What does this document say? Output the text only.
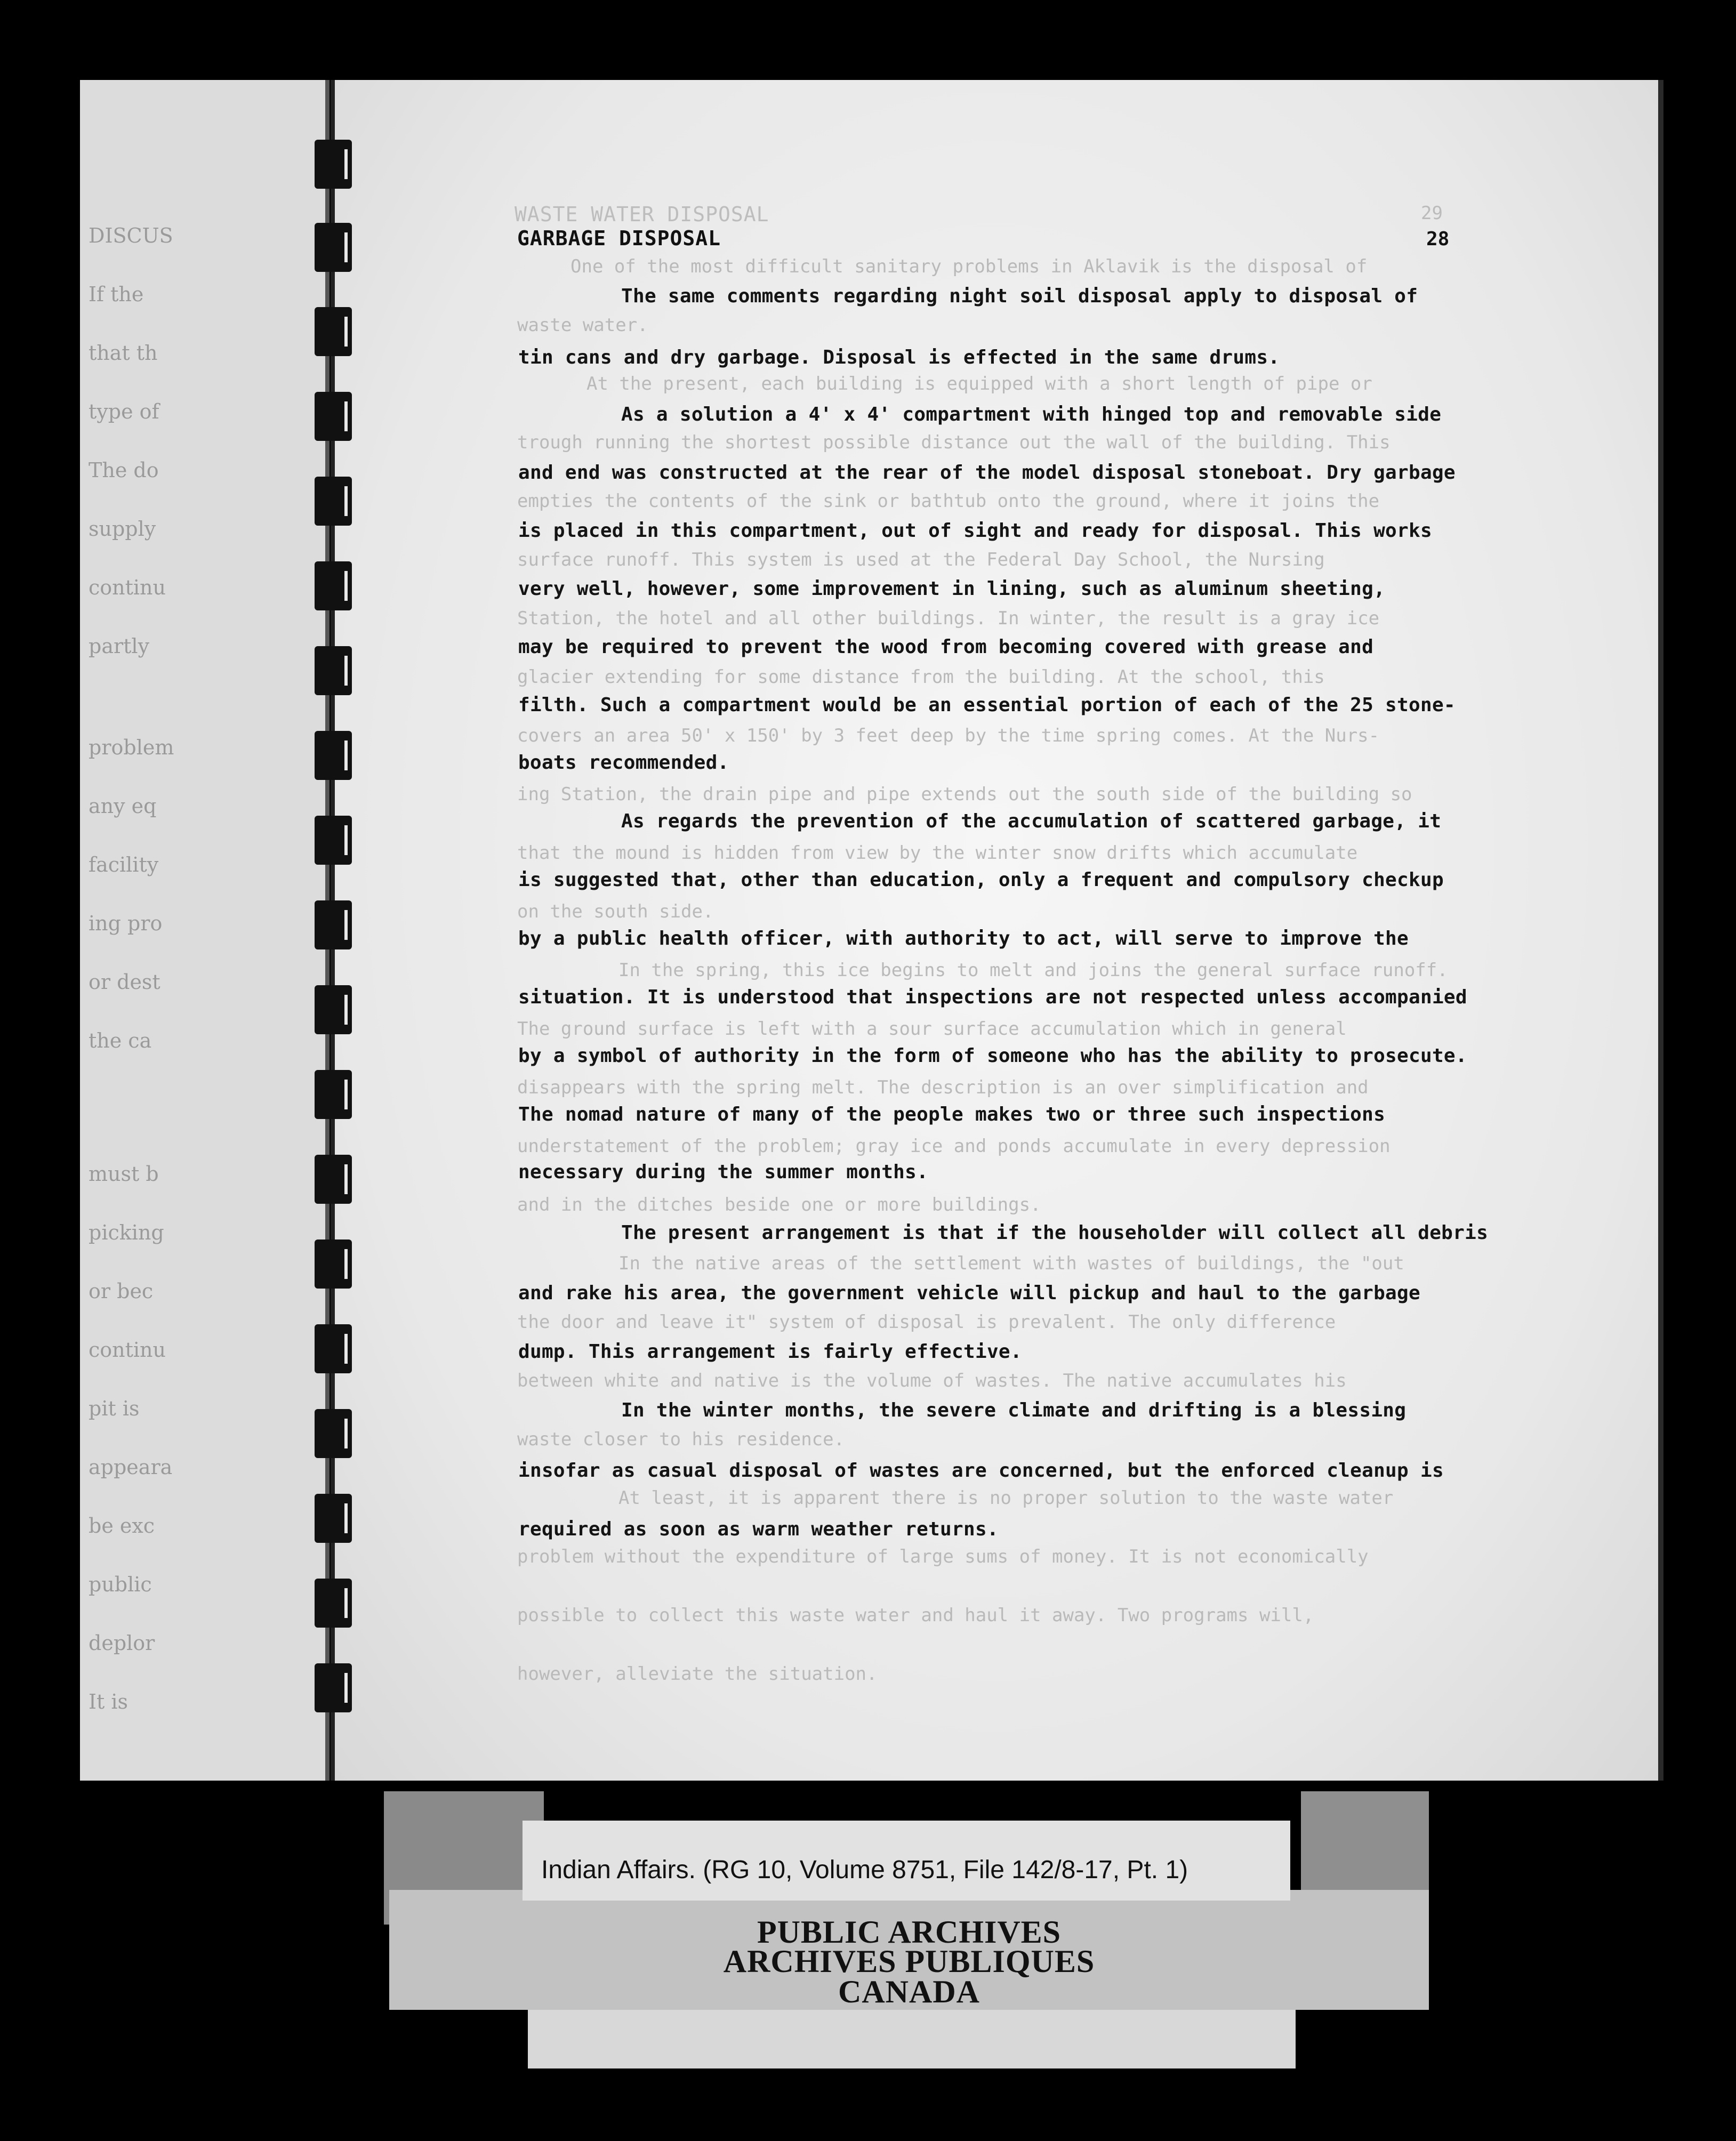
DISCUS
If the
that th
type of
The do
supply
continu
partly
problem
any eq
facility
ing pro
or dest
the ca
must b
picking
or bec
continu
pit is
appeara
be exc
public
deplor
It is
WASTE WATER DISPOSAL	29
One of the most difficult sanitary problems in Aklavik is the disposal of
waste water.
At the present, each building is equipped with a short length of pipe or
trough running the shortest possible distance out the wall of the building. This
empties the contents of the sink or bathtub onto the ground, where it joins the
surface runoff. This system is used at the Federal Day School, the Nursing
Station, the hotel and all other buildings. In winter, the result is a gray ice
glacier extending for some distance from the building. At the school, this
covers an area 50' x 150' by 3 feet deep by the time spring comes. At the Nurs-
ing Station, the drain pipe and pipe extends out the south side of the building so
that the mound is hidden from view by the winter snow drifts which accumulate
on the south side.
In the spring, this ice begins to melt and joins the general surface runoff.
The ground surface is left with a sour surface accumulation which in general
disappears with the spring melt. The description is an over simplification and
understatement of the problem; gray ice and ponds accumulate in every depression
and in the ditches beside one or more buildings.
In the native areas of the settlement with wastes of buildings, the "out
the door and leave it" system of disposal is prevalent. The only difference
between white and native is the volume of wastes. The native accumulates his
waste closer to his residence.
At least, it is apparent there is no proper solution to the waste water
problem without the expenditure of large sums of money. It is not economically
possible to collect this waste water and haul it away. Two programs will,
however, alleviate the situation.
GARBAGE DISPOSAL	28
The same comments regarding night soil disposal apply to disposal of
tin cans and dry garbage. Disposal is effected in the same drums.
As a solution a 4' x 4' compartment with hinged top and removable side
and end was constructed at the rear of the model disposal stoneboat. Dry garbage
is placed in this compartment, out of sight and ready for disposal. This works
very well, however, some improvement in lining, such as aluminum sheeting,
may be required to prevent the wood from becoming covered with grease and
filth. Such a compartment would be an essential portion of each of the 25 stone-
boats recommended.
As regards the prevention of the accumulation of scattered garbage, it
is suggested that, other than education, only a frequent and compulsory checkup
by a public health officer, with authority to act, will serve to improve the
situation. It is understood that inspections are not respected unless accompanied
by a symbol of authority in the form of someone who has the ability to prosecute.
The nomad nature of many of the people makes two or three such inspections
necessary during the summer months.
The present arrangement is that if the householder will collect all debris
and rake his area, the government vehicle will pickup and haul to the garbage
dump. This arrangement is fairly effective.
In the winter months, the severe climate and drifting is a blessing
insofar as casual disposal of wastes are concerned, but the enforced cleanup is
required as soon as warm weather returns.
Indian Affairs. (RG 10, Volume 8751, File 142/8-17, Pt. 1)
PUBLIC ARCHIVES
ARCHIVES PUBLIQUES
CANADA
